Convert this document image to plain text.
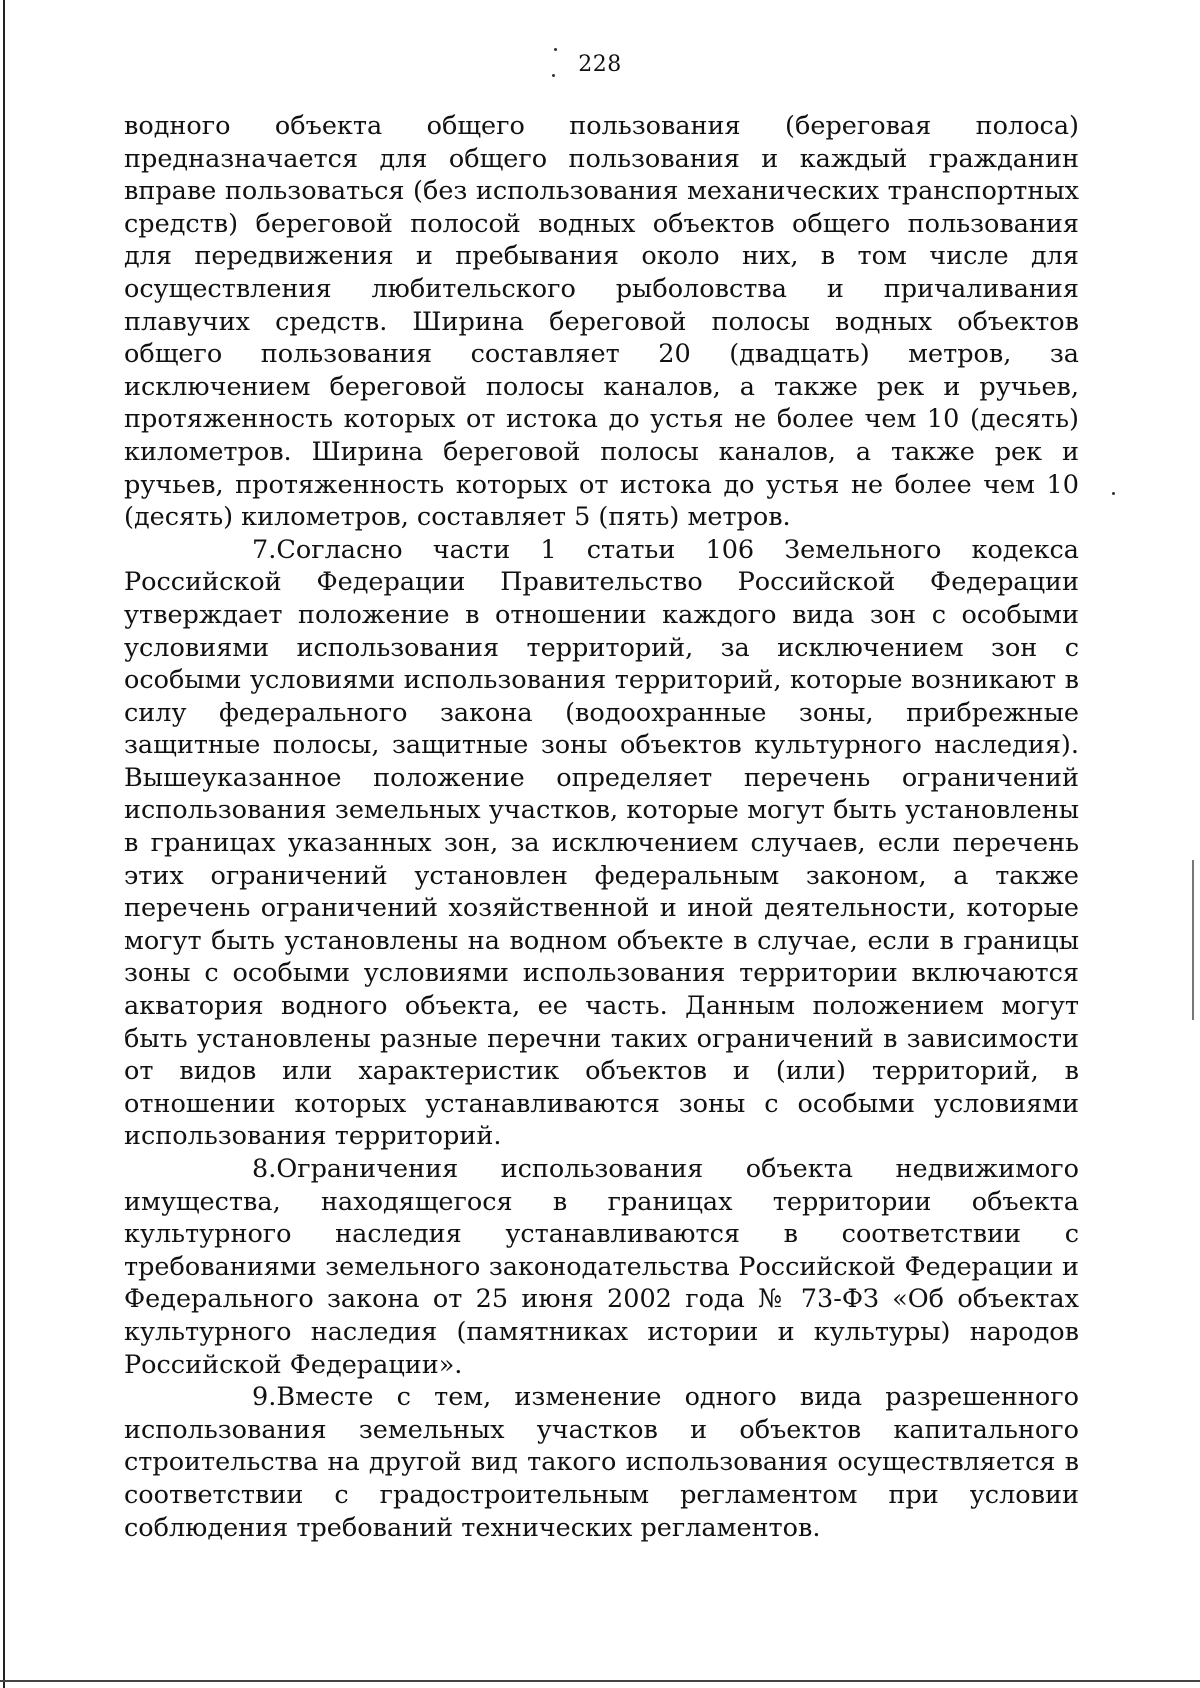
228

водного объекта общего пользования (береговая полоса) предназначается для общего пользования и каждый гражданин вправе пользоваться (без использования механических транспортных средств) береговой полосой водных объектов общего пользования для передвижения и пребывания около них, в том числе для осуществления любительского рыболовства и причаливания плавучих средств. Ширина береговой полосы водных объектов общего пользования составляет 20 (двадцать) метров, за исключением береговой полосы каналов, а также рек и ручьев, протяженность которых от истока до устья не более чем 10 (десять) километров. Ширина береговой полосы каналов, а также рек и ручьев, протяженность которых от истока до устья не более чем 10 (десять) километров, составляет 5 (пять) метров.

7.Согласно части 1 статьи 106 Земельного кодекса Российской Федерации Правительство Российской Федерации утверждает положение в отношении каждого вида зон с особыми условиями использования территорий, за исключением зон с особыми условиями использования территорий, которые возникают в силу федерального закона (водоохранные зоны, прибрежные защитные полосы, защитные зоны объектов культурного наследия). Вышеуказанное положение определяет перечень ограничений использования земельных участков, которые могут быть установлены в границах указанных зон, за исключением случаев, если перечень этих ограничений установлен федеральным законом, а также перечень ограничений хозяйственной и иной деятельности, которые могут быть установлены на водном объекте в случае, если в границы зоны с особыми условиями использования территории включаются акватория водного объекта, ее часть. Данным положением могут быть установлены разные перечни таких ограничений в зависимости от видов или характеристик объектов и (или) территорий, в отношении которых устанавливаются зоны с особыми условиями использования территорий.

8.Ограничения использования объекта недвижимого имущества, находящегося в границах территории объекта культурного наследия устанавливаются в соответствии с требованиями земельного законодательства Российской Федерации и Федерального закона от 25 июня 2002 года № 73-ФЗ «Об объектах культурного наследия (памятниках истории и культуры) народов Российской Федерации».

9.Вместе с тем, изменение одного вида разрешенного использования земельных участков и объектов капитального строительства на другой вид такого использования осуществляется в соответствии с градостроительным регламентом при условии соблюдения требований технических регламентов.
